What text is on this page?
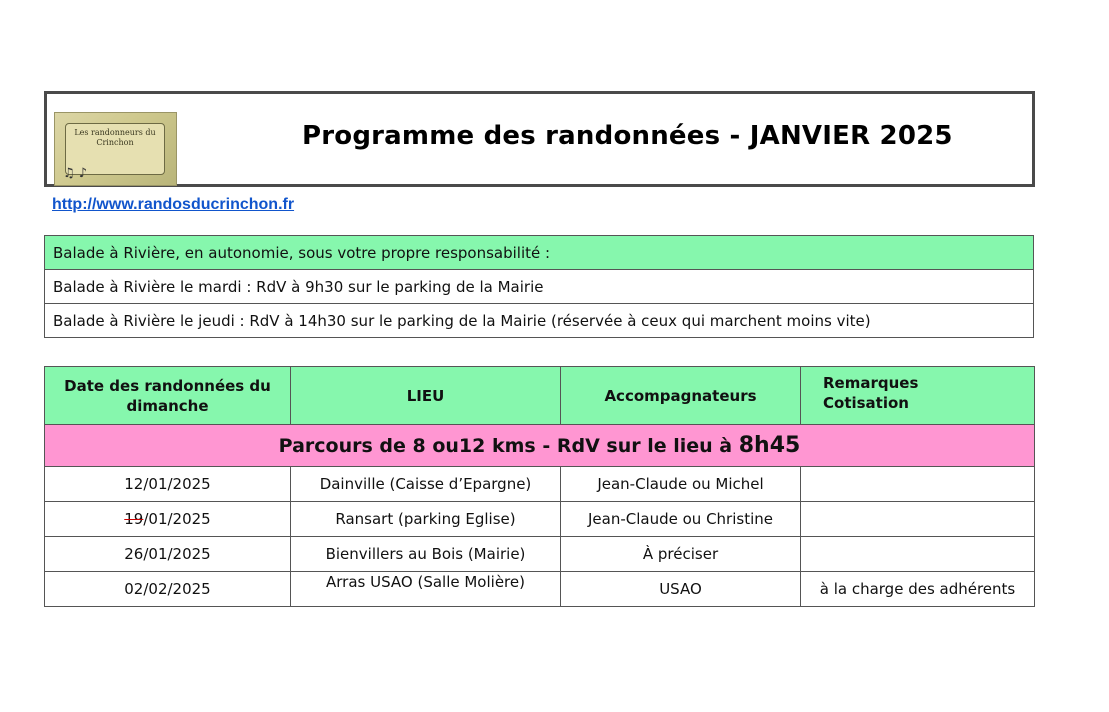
Les randonneurs du Crinchon
♫ ♪
Programme des randonnées - JANVIER 2025
http://www.randosducrinchon.fr
Balade à Rivière, en autonomie, sous votre propre responsabilité :
Balade à Rivière le mardi : RdV à 9h30 sur le parking de la Mairie
Balade à Rivière le jeudi : RdV à 14h30 sur le parking de la Mairie (réservée à ceux qui marchent moins vite)
Date des randonnées du dimanche	LIEU	Accompagnateurs	Remarques
Cotisation
Parcours de 8 ou12 kms - RdV sur le lieu à 8h45			
12/01/2025	Dainville (Caisse d’Epargne)	Jean-Claude ou Michel	
19/01/2025	Ransart (parking Eglise)	Jean-Claude ou Christine	
26/01/2025	Bienvillers au Bois (Mairie)	À préciser	
02/02/2025	Arras USAO (Salle Molière)	USAO	à la charge des adhérents
